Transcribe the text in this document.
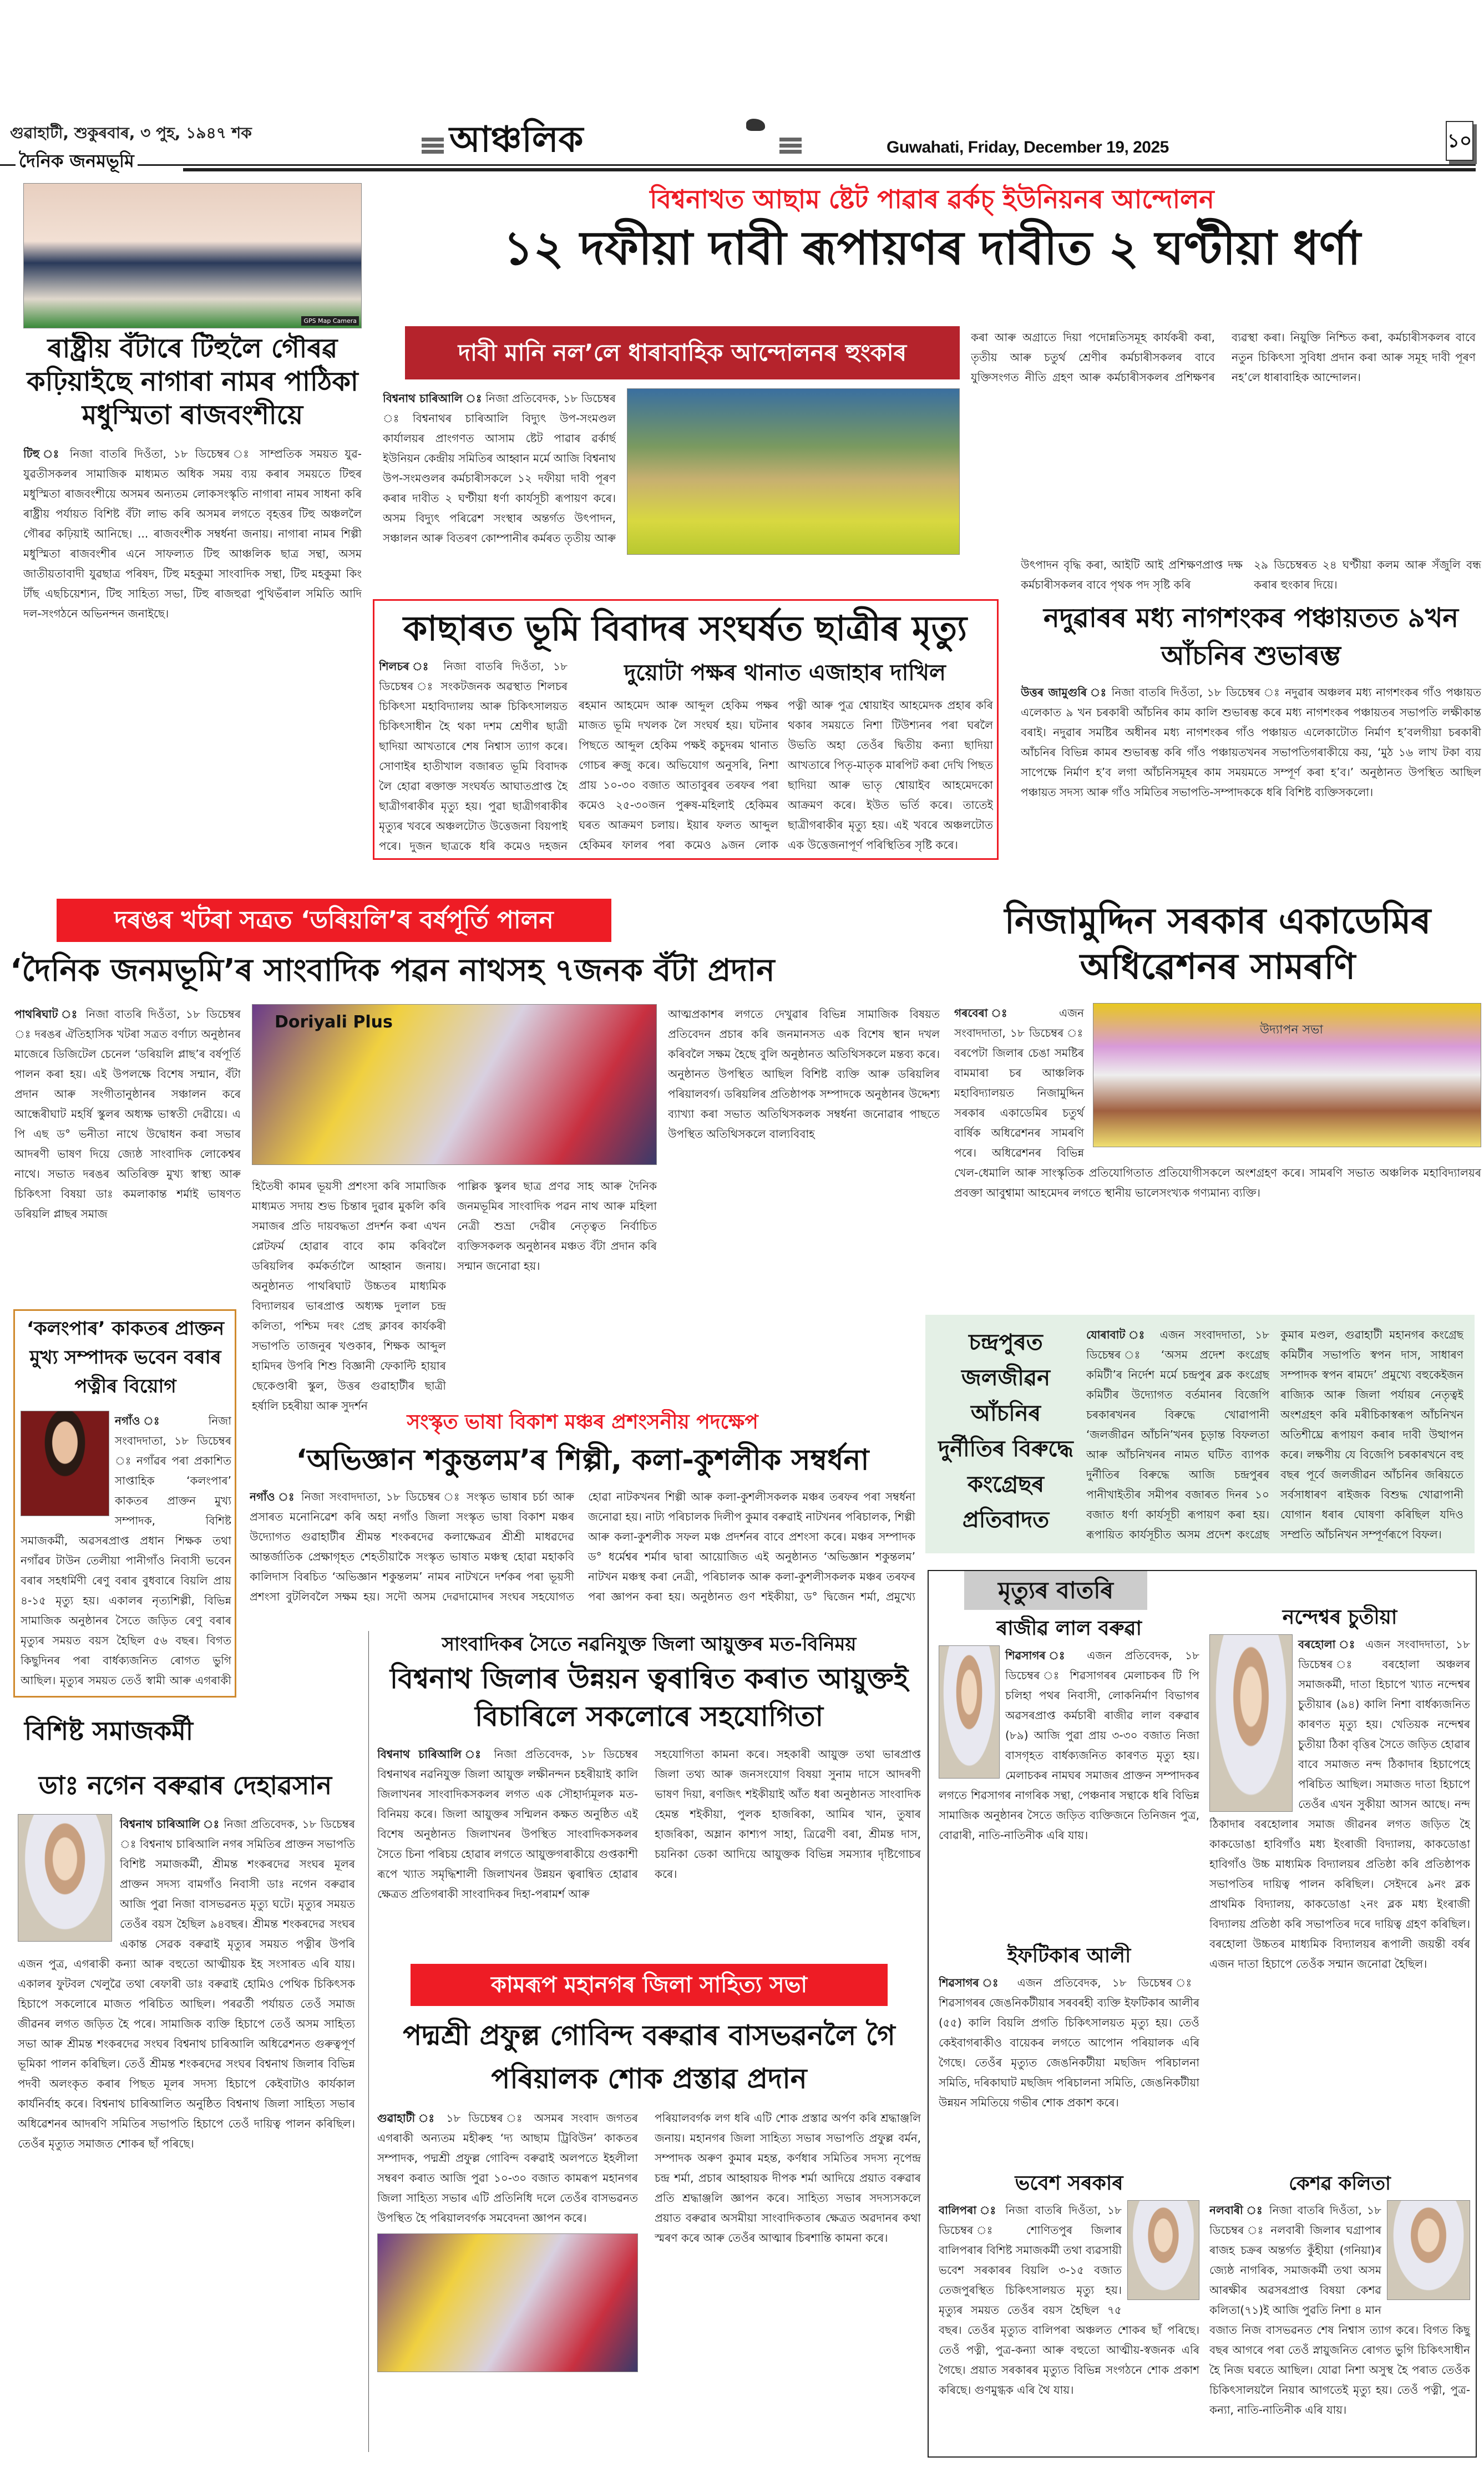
গুৱাহাটী, শুকুৰবাৰ, ৩ পুহ, ১৯৪৭ শক	আঞ্চলিক	Guwahati, Friday, December 19, 2025	১০
দৈনিক জনমভূমি
GPS Map Camera
ৰাষ্ট্ৰীয় বঁটাৰে টিহুলৈ গৌৰৱ কঢ়িয়াইছে নাগাৰা নামৰ পাঠিকা মধুস্মিতা ৰাজবংশীয়ে
টিহু ঃ নিজা বাতৰি দিওঁতা, ১৮ ডিচেম্বৰ ঃ সাম্প্ৰতিক সময়ত যুৱ-যুৱতীসকলৰ সামাজিক মাধ্যমত অধিক সময় ব্যয় কৰাৰ সময়তে টিহুৰ মধুস্মিতা ৰাজবংশীয়ে অসমৰ অন্যতম লোকসংস্কৃতি নাগাৰা নামৰ সাধনা কৰি ৰাষ্ট্ৰীয় পৰ্যায়ত বিশিষ্ট বঁটা লাভ কৰি অসমৰ লগতে বৃহত্তৰ টিহু অঞ্চললৈ গৌৰৱ কঢ়িয়াই আনিছে। ... ৰাজবংশীক সম্বৰ্ধনা জনায়। নাগাৰা নামৰ শিল্পী মধুস্মিতা ৰাজবংশীৰ এনে সাফল্যত টিহু আঞ্চলিক ছাত্ৰ সন্থা, অসম জাতীয়তাবাদী যুৱছাত্ৰ পৰিষদ, টিহু মহকুমা সাংবাদিক সন্থা, টিহু মহকুমা কিং টাঁছ এছচিয়েশ্যন, টিহু সাহিত্য সভা, টিহু ৰাজহুৱা পুথিভঁৰাল সমিতি আদি দল-সংগঠনে অভিনন্দন জনাইছে।
বিশ্বনাথত আছাম ষ্টেট পাৱাৰ ৱৰ্কচ্ ইউনিয়নৰ আন্দোলন
১২ দফীয়া দাবী ৰূপায়ণৰ দাবীত ২ ঘণ্টীয়া ধৰ্ণা
দাবী মানি নল’লে ধাৰাবাহিক আন্দোলনৰ হুংকাৰ
বিশ্বনাথ চাৰিআলি ঃ নিজা প্ৰতিবেদক, ১৮ ডিচেম্বৰ ঃ বিশ্বনাথৰ চাৰিআলি বিদ্যুৎ উপ-সংমণ্ডল কাৰ্যালয়ৰ প্ৰাংগণত আসাম ষ্টেট পাৱাৰ ৱৰ্কাৰ্ছ ইউনিয়ন কেন্দ্ৰীয় সমিতিৰ আহ্বান মৰ্মে আজি বিশ্বনাথ উপ-সংমণ্ডলৰ কৰ্মচাৰীসকলে ১২ দফীয়া দাবী পূৰণ কৰাৰ দাবীত ২ ঘণ্টীয়া ধৰ্ণা কাৰ্যসূচী ৰূপায়ণ কৰে। অসম বিদ্যুৎ পৰিৱেশ সংস্থাৰ অন্তৰ্গত উৎপাদন, সঞ্চালন আৰু বিতৰণ কোম্পানীৰ কৰ্মৰত তৃতীয় আৰু
কৰা আৰু অগ্ৰাতে দিয়া পদোন্নতিসমূহ কাৰ্যকৰী কৰা, তৃতীয় আৰু চতুৰ্থ শ্ৰেণীৰ কৰ্মচাৰীসকলৰ বাবে যুক্তিসংগত নীতি গ্ৰহণ আৰু কৰ্মচাৰীসকলৰ প্ৰশিক্ষণৰ ব্যৱস্থা কৰা। নিয়ুক্তি নিশ্চিত কৰা, কৰ্মচাৰীসকলৰ বাবে নতুন চিকিৎসা সুবিধা প্ৰদান কৰা আৰু সমূহ দাবী পূৰণ নহ’লে ধাৰাবাহিক আন্দোলন।
উৎপাদন বৃদ্ধি কৰা, আইটি আই প্ৰশিক্ষণপ্ৰাপ্ত দক্ষ কৰ্মচাৰীসকলৰ বাবে পৃথক পদ সৃষ্টি কৰি
২৯ ডিচেম্বৰত ২৪ ঘণ্টীয়া কলম আৰু সঁজুলি বন্ধ কৰাৰ হুংকাৰ দিয়ে।
কাছাৰত ভূমি বিবাদৰ সংঘৰ্ষত ছাত্ৰীৰ মৃত্যু
শিলচৰ ঃ নিজা বাতৰি দিওঁতা, ১৮ ডিচেম্বৰ ঃ সংকটজনক অৱস্থাত শিলচৰ চিকিৎসা মহাবিদ্যালয় আৰু চিকিৎসালয়ত চিকিৎসাধীন হৈ থকা দশম শ্ৰেণীৰ ছাত্ৰী ছাদিয়া আখতাৰে শেষ নিশ্বাস ত্যাগ কৰে। সোণাইৰ হাতীখাল বজাৰত ভূমি বিবাদক লৈ হোৱা ৰক্তাক্ত সংঘৰ্ষত আঘাতপ্ৰাপ্ত হৈ ছাত্ৰীগৰাকীৰ মৃত্যু হয়। পুৱা ছাত্ৰীগৰাকীৰ মৃত্যুৰ খবৰে অঞ্চলটোত উত্তেজনা বিয়পাই পৰে। দুজন ছাত্ৰকে ধৰি কমেও দহজন
দুয়োটা পক্ষৰ থানাত এজাহাৰ দাখিল
ৰহমান আহমেদ আৰু আব্দুল হেকিম পক্ষৰ মাজত ভূমি দখলক লৈ সংঘৰ্ষ হয়। ঘটনাৰ পিছতে আব্দুল হেকিম পক্ষই কচুদৰম থানাত গোচৰ ৰুজু কৰে। অভিযোগ অনুসৰি, নিশা প্ৰায় ১০-৩০ বজাত আতাবুৰৰ তৰফৰ পৰা কমেও ২৫-৩০জন পুৰুষ-মহিলাই হেকিমৰ ঘৰত আক্ৰমণ চলায়। ইয়াৰ ফলত আব্দুল হেকিমৰ ফালৰ পৰা কমেও ৯জন লোক
পত্নী আৰু পুত্ৰ শ্বোয়াইব আহমেদক প্ৰহাৰ কৰি থকাৰ সময়তে নিশা টিউশ্যনৰ পৰা ঘৰলৈ উভতি অহা তেওঁৰ দ্বিতীয় কন্যা ছাদিয়া আখতাৰে পিতৃ-মাতৃক মাৰপিট কৰা দেখি পিছত ছাদিয়া আৰু ভাতৃ শ্বোয়াইব আহমেদকো আক্ৰমণ কৰে। ইউত ভৰ্তি কৰে। তাতেই ছাত্ৰীগৰাকীৰ মৃত্যু হয়। এই খবৰে অঞ্চলটোত এক উত্তেজনাপূৰ্ণ পৰিস্থিতিৰ সৃষ্টি কৰে।
নদুৱাৰৰ মধ্য নাগশংকৰ পঞ্চায়তত ৯খন আঁচনিৰ শুভাৰম্ভ
উত্তৰ জামুগুৰি ঃ নিজা বাতৰি দিওঁতা, ১৮ ডিচেম্বৰ ঃ নদুৱাৰ অঞ্চলৰ মধ্য নাগশংকৰ গাঁও পঞ্চায়ত এলেকাত ৯ খন চৰকাৰী আঁচনিৰ কাম কালি শুভাৰম্ভ কৰে মধ্য নাগশংকৰ পঞ্চায়তৰ সভাপতি লক্ষীকান্ত বৰাই। নদুৱাৰ সমষ্টিৰ অধীনৰ মধ্য নাগশংকৰ গাঁও পঞ্চায়ত এলেকাটোত নিৰ্মাণ হ’বলগীয়া চৰকাৰী আঁচনিৰ বিভিন্ন কামৰ শুভাৰম্ভ কৰি গাঁও পঞ্চায়তখনৰ সভাপতিগৰাকীয়ে কয়, ‘মুঠ ১৬ লাখ টকা ব্যয় সাপেক্ষে নিৰ্মাণ হ’ব লগা আঁচনিসমূহৰ কাম সময়মতে সম্পূৰ্ণ কৰা হ’ব।’ অনুষ্ঠানত উপস্থিত আছিল পঞ্চায়ত সদস্য আৰু গাঁও সমিতিৰ সভাপতি-সম্পাদককে ধৰি বিশিষ্ট ব্যক্তিসকলো।
দৰঙৰ খটৰা সত্ৰত ‘ডৰিয়লি’ৰ বৰ্ষপূৰ্তি পালন
‘দৈনিক জনমভূমি’ৰ সাংবাদিক পৱন নাথসহ ৭জনক বঁটা প্ৰদান
পাথৰিঘাট ঃ নিজা বাতৰি দিওঁতা, ১৮ ডিচেম্বৰ ঃ দৰঙৰ ঐতিহাসিক খটৰা সত্ৰত বৰ্ণাঢ্য অনুষ্ঠানৰ মাজেৰে ডিজিটেল চেনেল ‘ডৰিয়লি প্লাছ’ৰ বৰ্ষপূৰ্তি পালন কৰা হয়। এই উপলক্ষে বিশেষ সন্মান, বঁটা প্ৰদান আৰু সংগীতানুষ্ঠানৰ সঞ্চালন কৰে আন্ধেৰীঘাট মহৰ্ষি স্কুলৰ অধ্যক্ষ ভাস্বতী দেৱীয়ে। এ পি এছ ড° ভনীতা নাথে উদ্বোধন কৰা সভাৰ আদৰণী ভাষণ দিয়ে জ্যেষ্ঠ সাংবাদিক লোকেশ্বৰ নাথে। সভাত দৰঙৰ অতিৰিক্ত মুখ্য স্বাস্থ্য আৰু চিকিৎসা বিষয়া ডাঃ কমলাকান্ত শৰ্মাই ভাষণত ডৰিয়লি প্লাছৰ সমাজ
Doriyali Plus
হিতৈষী কামৰ ভূয়সী প্ৰশংসা কৰি সামাজিক মাধ্যমত সদায় শুভ চিন্তাৰ দুৱাৰ মুকলি কৰি সমাজৰ প্ৰতি দায়বদ্ধতা প্ৰদৰ্শন কৰা এখন প্লেটফৰ্ম হোৱাৰ বাবে কাম কৰিবলৈ ডৰিয়লিৰ কৰ্মকৰ্তালৈ আহ্বান জনায়। অনুষ্ঠানত পাথৰিঘাট উচ্চতৰ মাধ্যমিক বিদ্যালয়ৰ ভাৰপ্ৰাপ্ত অধ্যক্ষ দুলাল চন্দ্ৰ কলিতা, পশ্চিম দৰং প্ৰেছ ক্লাবৰ কাৰ্যকৰী সভাপতি তাজনুৰ খণ্ডকাৰ, শিক্ষক আব্দুল হামিদৰ উপৰি শিশু বিজ্ঞানী ফেকাল্টি হায়াৰ ছেকেণ্ডাৰী স্কুল, উত্তৰ গুৱাহাটীৰ ছাত্ৰী হৰ্ষালি চহৰীয়া আৰু সুদৰ্শন
পাল্লিক স্কুলৰ ছাত্ৰ প্ৰণৱ সাহ আৰু দৈনিক জনমভূমিৰ সাংবাদিক পৱন নাথ আৰু মহিলা নেত্ৰী শুভ্ৰা দেৱীৰ নেতৃত্বত নিৰ্বাচিত ব্যক্তিসকলক অনুষ্ঠানৰ মঞ্চত বঁটা প্ৰদান কৰি সন্মান জনোৱা হয়।
আত্মপ্ৰকাশৰ লগতে দেখুৱাৰ বিভিন্ন সামাজিক বিষয়ত প্ৰতিবেদন প্ৰচাৰ কৰি জনমানসত এক বিশেষ স্থান দখল কৰিবলৈ সক্ষম হৈছে বুলি অনুষ্ঠানত অতিথিসকলে মন্তব্য কৰে। অনুষ্ঠানত উপস্থিত আছিল বিশিষ্ট ব্যক্তি আৰু ডৰিয়লিৰ পৰিয়ালবৰ্গ। ডৰিয়লিৰ প্ৰতিষ্ঠাপক সম্পাদকে অনুষ্ঠানৰ উদ্দেশ্য ব্যাখ্যা কৰা সভাত অতিথিসকলক সম্বৰ্ধনা জনোৱাৰ পাছতে উপস্থিত অতিথিসকলে বাল্যবিবাহ
নিজামুদ্দিন সৰকাৰ একাডেমিৰ অধিৱেশনৰ সামৰণি
উদ্যাপন সভা
গৰবেৰা ঃ এজন সংবাদদাতা, ১৮ ডিচেম্বৰ ঃ বৰপেটা জিলাৰ চেঙা সমষ্টিৰ বামমাৰা চৰ আঞ্চলিক মহাবিদ্যালয়ত নিজামুদ্দিন সৰকাৰ একাডেমিৰ চতুৰ্থ বাৰ্ষিক অধিৱেশনৰ সামৰণি পৰে। অধিৱেশনৰ বিভিন্ন খেল-ধেমালি আৰু সাংস্কৃতিক প্ৰতিযোগিতাত প্ৰতিযোগীসকলে অংশগ্ৰহণ কৰে। সামৰণি সভাত অঞ্চলিক মহাবিদ্যালয়ৰ প্ৰবক্তা আবুশ্বামা আহমেদৰ লগতে স্থানীয় ভালেসংখ্যক গণ্যমান্য ব্যক্তি।
‘কলংপাৰ’ কাকতৰ প্ৰাক্তন মুখ্য সম্পাদক ভবেন বৰাৰ পত্নীৰ বিয়োগ
নগাঁও ঃ নিজা সংবাদদাতা, ১৮ ডিচেম্বৰ ঃ নগাঁৱৰ পৰা প্ৰকাশিত সাপ্তাহিক ‘কলংপাৰ’ কাকতৰ প্ৰাক্তন মুখ্য সম্পাদক, বিশিষ্ট সমাজকৰ্মী, অৱসৰপ্ৰাপ্ত প্ৰধান শিক্ষক তথা নগাঁৱৰ টাউন তেলীয়া পানীগাঁও নিবাসী ভবেন বৰাৰ সহধৰ্মিণী ৰেণু বৰাৰ বুধবাৰে বিয়লি প্ৰায় ৪-১৫ মৃত্যু হয়। একালৰ নৃত্যশিল্পী, বিভিন্ন সামাজিক অনুষ্ঠানৰ সৈতে জড়িত ৰেণু বৰাৰ মৃত্যুৰ সময়ত বয়স হৈছিল ৫৬ বছৰ। বিগত কিছুদিনৰ পৰা বাৰ্ধক্যজনিত ৰোগত ভুগি আছিল। মৃত্যুৰ সময়ত তেওঁ স্বামী আৰু এগৰাকী
সংস্কৃত ভাষা বিকাশ মঞ্চৰ প্ৰশংসনীয় পদক্ষেপ
‘অভিজ্ঞান শকুন্তলম’ৰ শিল্পী, কলা-কুশলীক সম্বৰ্ধনা
নগাঁও ঃ নিজা সংবাদদাতা, ১৮ ডিচেম্বৰ ঃ সংস্কৃত ভাষাৰ চৰ্চা আৰু প্ৰসাৰত মনোনিৱেশ কৰি অহা নগাঁও জিলা সংস্কৃত ভাষা বিকাশ মঞ্চৰ উদ্যোগত গুৱাহাটীৰ শ্ৰীমন্ত শংকৰদেৱ কলাক্ষেত্ৰৰ শ্ৰীশ্ৰী মাধৱদেৱ আন্তৰ্জাতিক প্ৰেক্ষাগৃহত শেহতীয়াকৈ সংস্কৃত ভাষাত মঞ্চস্থ হোৱা মহাকবি কালিদাস বিৰচিত ‘অভিজ্ঞান শকুন্তলম’ নামৰ নাটখনে দৰ্শকৰ পৰা ভূয়সী প্ৰশংসা বুটলিবলৈ সক্ষম হয়। সদৌ অসম দেৱদামোদৰ সংঘৰ সহযোগত
হোৱা নাটকখনৰ শিল্পী আৰু কলা-কুশলীসকলক মঞ্চৰ তৰফৰ পৰা সম্বৰ্ধনা জনোৱা হয়। নাট্য পৰিচালক দিলীপ কুমাৰ বৰুৱাই নাটখনৰ পৰিচালক, শিল্পী আৰু কলা-কুশলীক সফল মঞ্চ প্ৰদৰ্শনৰ বাবে প্ৰশংসা কৰে। মঞ্চৰ সম্পাদক ড° ধৰ্মেশ্বৰ শৰ্মাৰ দ্বাৰা আয়োজিত এই অনুষ্ঠানত ‘অভিজ্ঞান শকুন্তলম’ নাটখন মঞ্চস্থ কৰা নেত্ৰী, পৰিচালক আৰু কলা-কুশলীসকলক মঞ্চৰ তৰফৰ পৰা জ্ঞাপন কৰা হয়। অনুষ্ঠানত গুণ শইকীয়া, ড° দ্বিজেন শৰ্মা, প্ৰমুখ্যে
চন্দ্ৰপুৰত জলজীৱন আঁচনিৰ দুৰ্নীতিৰ বিৰুদ্ধে কংগ্ৰেছৰ প্ৰতিবাদত
যোৰাবাট ঃ এজন সংবাদদাতা, ১৮ ডিচেম্বৰ ঃ ‘অসম প্ৰদেশ কংগ্ৰেছ কমিটী’ৰ নিৰ্দেশ মৰ্মে চন্দ্ৰপুৰ ব্লক কংগ্ৰেছ কমিটীৰ উদ্যোগত বৰ্তমানৰ বিজেপি চৰকাৰখনৰ বিৰুদ্ধে খোৱাপানী ‘জলজীৱন আঁচনি’খনৰ চূড়ান্ত বিফলতা আৰু আঁচনিখনৰ নামত ঘটিত ব্যাপক দুৰ্নীতিৰ বিৰুদ্ধে আজি চন্দ্ৰপুৰৰ পানীখাইতীৰ সমীপৰ বজাৰত দিনৰ ১০ বজাত ধৰ্ণা কাৰ্যসূচী ৰূপায়ণ কৰা হয়। ৰূপায়িত কাৰ্যসূচীত অসম প্ৰদেশ কংগ্ৰেছ
কুমাৰ মণ্ডল, গুৱাহাটী মহানগৰ কংগ্ৰেছ কমিটীৰ সভাপতি স্বপন দাস, সাধাৰণ সম্পাদক স্বপন ৰামদে’ প্ৰমুখ্যে বহুকেইজন ৰাজ্যিক আৰু জিলা পৰ্যায়ৰ নেতৃত্বই অংশগ্ৰহণ কৰি মৰীচিকাস্বৰূপ আঁচনিখন অতিশীঘ্ৰে ৰূপায়ণ কৰাৰ দাবী উত্থাপন কৰে। লক্ষণীয় যে বিজেপি চৰকাৰখনে বহু বছৰ পূৰ্বে জলজীৱন আঁচনিৰ জৰিয়তে সৰ্বসাধাৰণ ৰাইজক বিশুদ্ধ খোৱাপানী যোগান ধৰাৰ ঘোষণা কৰিছিল যদিও সম্প্ৰতি আঁচনিখন সম্পূৰ্ণৰূপে বিফল।
বিশিষ্ট সমাজকৰ্মী
ডাঃ নগেন বৰুৱাৰ দেহাৱসান
বিশ্বনাথ চাৰিআলি ঃ নিজা প্ৰতিবেদক, ১৮ ডিচেম্বৰ ঃ বিশ্বনাথ চাৰিআলি নগৰ সমিতিৰ প্ৰাক্তন সভাপতি বিশিষ্ট সমাজকৰ্মী, শ্ৰীমন্ত শংকৰদেৱ সংঘৰ মূলৰ প্ৰাক্তন সদস্য বামগাঁও নিবাসী ডাঃ নগেন বৰুৱাৰ আজি পুৱা নিজা বাসভৱনত মৃত্যু ঘটে। মৃত্যুৰ সময়ত তেওঁৰ বয়স হৈছিল ৯৪বছৰ। শ্ৰীমন্ত শংকৰদেৱ সংঘৰ একান্ত সেৱক বৰুৱাই মৃত্যুৰ সময়ত পত্নীৰ উপৰি এজন পুত্ৰ, এগৰাকী কন্যা আৰু বহুতো আত্মীয়ক ইহ সংসাৰত এৰি যায়। একালৰ ফুটবল খেলুৱৈ তথা ৰেফাৰী ডাঃ বৰুৱাই হোমিও পেথিক চিকিৎসক হিচাপে সকলোৰে মাজত পৰিচিত আছিল। পৰৱৰ্তী পৰ্যায়ত তেওঁ সমাজ জীৱনৰ লগত জড়িত হৈ পৰে। সামাজিক ব্যক্তি হিচাপে তেওঁ অসম সাহিত্য সভা আৰু শ্ৰীমন্ত শংকৰদেৱ সংঘৰ বিশ্বনাথ চাৰিআলি অধিৱেশনত গুৰুত্বপূৰ্ণ ভূমিকা পালন কৰিছিল। তেওঁ শ্ৰীমন্ত শংকৰদেৱ সংঘৰ বিশ্বনাথ জিলাৰ বিভিন্ন পদবী অলংকৃত কৰাৰ পিছত মূলৰ সদস্য হিচাপে কেইবাটাও কাৰ্যকাল কাৰ্যনিৰ্বাহ কৰে। বিশ্বনাথ চাৰিআলিত অনুষ্ঠিত বিশ্বনাথ জিলা সাহিত্য সভাৰ অধিৱেশনৰ আদৰণি সমিতিৰ সভাপতি হিচাপে তেওঁ দায়িত্ব পালন কৰিছিল। তেওঁৰ মৃত্যুত সমাজত শোকৰ ছাঁ পৰিছে।
সাংবাদিকৰ সৈতে নৱনিযুক্ত জিলা আয়ুক্তৰ মত-বিনিময়
বিশ্বনাথ জিলাৰ উন্নয়ন ত্বৰান্বিত কৰাত আয়ুক্তই বিচাৰিলে সকলোৰে সহযোগিতা
বিশ্বনাথ চাৰিআলি ঃ নিজা প্ৰতিবেদক, ১৮ ডিচেম্বৰ বিশ্বনাথৰ নৱনিযুক্ত জিলা আয়ুক্ত লক্ষীনন্দন চহৰীয়াই কালি জিলাখনৰ সাংবাদিকসকলৰ লগত এক সৌহাৰ্দ্যমূলক মত-বিনিময় কৰে। জিলা আয়ুক্তৰ সন্মিলন কক্ষত অনুষ্ঠিত এই বিশেষ অনুষ্ঠানত জিলাখনৰ উপস্থিত সাংবাদিকসকলৰ সৈতে চিনা পৰিচয় হোৱাৰ লগতে আয়ুক্তগৰাকীয়ে গুপ্তকাশী ৰূপে খ্যাত সমৃদ্ধিশালী জিলাখনৰ উন্নয়ন ত্বৰান্বিত হোৱাৰ ক্ষেত্ৰত প্ৰতিগৰাকী সাংবাদিকৰ দিহা-পৰামৰ্শ আৰু
সহযোগিতা কামনা কৰে। সহকাৰী আয়ুক্ত তথা ভাৰপ্ৰাপ্ত জিলা তথ্য আৰু জনসংযোগ বিষয়া সুনাম দাসে আদৰণী ভাষণ দিয়া, ৰণজিৎ শইকীয়াই আঁত ধৰা অনুষ্ঠানত সাংবাদিক হেমন্ত শইকীয়া, পুলক হাজৰিকা, আমিৰ খান, তুষাৰ হাজৰিকা, অম্লান কাশ্যপ সাহা, ত্ৰিৱেণী বৰা, শ্ৰীমন্ত দাস, চয়নিকা ডেকা আদিয়ে আয়ুক্তক বিভিন্ন সমস্যাৰ দৃষ্টিগোচৰ কৰে।
কামৰূপ মহানগৰ জিলা সাহিত্য সভা
পদ্মশ্ৰী প্ৰফুল্ল গোবিন্দ বৰুৱাৰ বাসভৱনলৈ গৈ পৰিয়ালক শোক প্ৰস্তাৱ প্ৰদান
গুৱাহাটী ঃ ১৮ ডিচেম্বৰ ঃ অসমৰ সংবাদ জগতৰ এগৰাকী অন্যতম মহীৰুহ ‘দ্য আছাম ট্ৰিবিউন’ কাকতৰ সম্পাদক, পদ্মশ্ৰী প্ৰফুল্ল গোবিন্দ বৰুৱাই অলপতে ইহলীলা সম্বৰণ কৰাত আজি পুৱা ১০-৩০ বজাত কামৰূপ মহানগৰ জিলা সাহিত্য সভাৰ এটি প্ৰতিনিধি দলে তেওঁৰ বাসভৱনত উপস্থিত হৈ পৰিয়ালবৰ্গক সমবেদনা জ্ঞাপন কৰে।
পৰিয়ালবৰ্গক লগ ধৰি এটি শোক প্ৰস্তাৱ অৰ্পণ কৰি শ্ৰদ্ধাঞ্জলি জনায়। মহানগৰ জিলা সাহিত্য সভাৰ সভাপতি প্ৰফুল্ল বৰ্মন, সম্পাদক অৰুণ কুমাৰ মহন্ত, কৰ্ণধাৰ সমিতিৰ সদস্য নৃপেন্দ্ৰ চন্দ্ৰ শৰ্মা, প্ৰচাৰ আহ্বায়ক দীপক শৰ্মা আদিয়ে প্ৰয়াত বৰুৱাৰ প্ৰতি শ্ৰদ্ধাঞ্জলি জ্ঞাপন কৰে। সাহিত্য সভাৰ সদস্যসকলে প্ৰয়াত বৰুৱাৰ অসমীয়া সাংবাদিকতাৰ ক্ষেত্ৰত অৱদানৰ কথা স্মৰণ কৰে আৰু তেওঁৰ আত্মাৰ চিৰশান্তি কামনা কৰে।
মৃত্যুৰ বাতৰি
ৰাজীৱ লাল বৰুৱা
শিৱসাগৰ ঃ এজন প্ৰতিবেদক, ১৮ ডিচেম্বৰ ঃ শিৱসাগৰৰ মেলাচকৰ টি পি চলিহা পথৰ নিবাসী, লোকনিৰ্মাণ বিভাগৰ অৱসৰপ্ৰাপ্ত কৰ্মচাৰী ৰাজীৱ লাল বৰুৱাৰ (৮৯) আজি পুৱা প্ৰায় ৩-৩০ বজাত নিজা বাসগৃহত বাৰ্ধক্যজনিত কাৰণত মৃত্যু হয়। মেলাচকৰ নামঘৰ সমাজৰ প্ৰাক্তন সম্পাদকৰ লগতে শিৱসাগৰ নাগৰিক সন্থা, পেঞ্চনাৰ সন্থাকে ধৰি বিভিন্ন সামাজিক অনুষ্ঠানৰ সৈতে জড়িত ব্যক্তিজনে তিনিজন পুত্ৰ, বোৱাৰী, নাতি-নাতিনীক এৰি যায়।
ইফটিকাৰ আলী
শিৱসাগৰ ঃ এজন প্ৰতিবেদক, ১৮ ডিচেম্বৰ ঃ শিৱসাগৰৰ জেঙনিকটীয়াৰ সৰবৰহী ব্যক্তি ইফটিকাৰ আলীৰ (৫৫) কালি বিয়লি প্ৰগতি চিকিৎসালয়ত মৃত্যু হয়। তেওঁ কেইবাগৰাকীও বায়েকৰ লগতে আপোন পৰিয়ালক এৰি গৈছে। তেওঁৰ মৃত্যুত জেঙনিকটীয়া মছজিদ পৰিচালনা সমিতি, দৰিকাঘাট মছজিদ পৰিচালনা সমিতি, জেঙনিকটীয়া উন্নয়ন সমিতিয়ে গভীৰ শোক প্ৰকাশ কৰে।
ভবেশ সৰকাৰ
বালিপৰা ঃ নিজা বাতৰি দিওঁতা, ১৮ ডিচেম্বৰ ঃ শোণিতপুৰ জিলাৰ বালিপৰাৰ বিশিষ্ট সমাজকৰ্মী তথা ব্যৱসায়ী ভবেশ সৰকাৰৰ বিয়লি ৩-১৫ বজাত তেজপুৰস্থিত চিকিৎসালয়ত মৃত্যু হয়। মৃত্যুৰ সময়ত তেওঁৰ বয়স হৈছিল ৭৫ বছৰ। তেওঁৰ মৃত্যুত বালিপৰা অঞ্চলত শোকৰ ছাঁ পৰিছে। তেওঁ পত্নী, পুত্ৰ-কন্যা আৰু বহুতো আত্মীয়-স্বজনক এৰি গৈছে। প্ৰয়াত সৰকাৰৰ মৃত্যুত বিভিন্ন সংগঠনে শোক প্ৰকাশ কৰিছে। গুণমুগ্ধক এৰি থৈ যায়।
নন্দেশ্বৰ চুতীয়া
বৰহোলা ঃ এজন সংবাদদাতা, ১৮ ডিচেম্বৰ ঃ বৰহোলা অঞ্চলৰ সমাজকৰ্মী, দাতা হিচাপে খ্যাত নন্দেশ্বৰ চুতীয়াৰ (৯৪) কালি নিশা বাৰ্ধক্যজনিত কাৰণত মৃত্যু হয়। খেতিয়ক নন্দেশ্বৰ চুতীয়া ঠিকা বৃত্তিৰ সৈতে জড়িত হোৱাৰ বাবে সমাজত নন্দ ঠিকাদাৰ হিচাপেহে পৰিচিত আছিল। সমাজত দাতা হিচাপে তেওঁৰ এখন সুকীয়া আসন আছে। নন্দ ঠিকাদাৰ বৰহোলাৰ সমাজ জীৱনৰ লগত জড়িত হৈ কাকডোঙা হাবিগাঁও মধ্য ইংৰাজী বিদ্যালয়, কাকডোঙা হাবিগাঁও উচ্চ মাধ্যমিক বিদ্যালয়ৰ প্ৰতিষ্ঠা কৰি প্ৰতিষ্ঠাপক সভাপতিৰ দায়িত্ব পালন কৰিছিল। সেইদৰে ৯নং ব্লক প্ৰাথমিক বিদ্যালয়, কাকডোঙা ২নং ব্লক মধ্য ইংৰাজী বিদ্যালয় প্ৰতিষ্ঠা কৰি সভাপতিৰ দৰে দায়িত্ব গ্ৰহণ কৰিছিল। বৰহোলা উচ্চতৰ মাধ্যমিক বিদ্যালয়ৰ ৰূপালী জয়ন্তী বৰ্ষৰ এজন দাতা হিচাপে তেওঁক সন্মান জনোৱা হৈছিল।
কেশৱ কলিতা
নলবাৰী ঃ নিজা বাতৰি দিওঁতা, ১৮ ডিচেম্বৰ ঃ নলবাৰী জিলাৰ ঘগ্ৰাপাৰ ৰাজহ চক্ৰৰ অন্তৰ্গত কুঁহীয়া (গনিয়া)ৰ জ্যেষ্ঠ নাগৰিক, সমাজকৰ্মী তথা অসম আৰক্ষীৰ অৱসৰপ্ৰাপ্ত বিষয়া কেশৱ কলিতা(৭১)ই আজি পুৱতি নিশা ৪ মান বজাত নিজ বাসভৱনত শেষ নিশ্বাস ত্যাগ কৰে। বিগত কিছু বছৰ আগৰে পৰা তেওঁ স্নায়ুজনিত ৰোগত ভুগি চিকিৎসাধীন হৈ নিজ ঘৰতে আছিল। যোৱা নিশা অসুস্থ হৈ পৰাত তেওঁক চিকিৎসালয়লৈ নিয়াৰ আগতেই মৃত্যু হয়। তেওঁ পত্নী, পুত্ৰ-কন্যা, নাতি-নাতিনীক এৰি যায়।
